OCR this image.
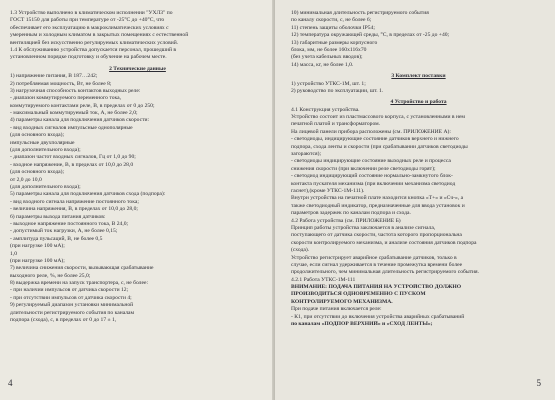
1.3 Устройство выполнено в климатическом исполнении "УХЛ3" по
ГОСТ 15150 для работы при температуре от -25°С до +40°С, что
обеспечивает его эксплуатацию в макроклиматических условиях с
умеренным и холодным климатом в закрытых помещениях с естественной
вентиляцией без искусственно регулируемых климатических условий.
1.4 К обслуживанию устройства допускается персонал, прошедший в
установленном порядке подготовку и обучение на рабочем месте.
2 Технические данные
1) напряжение питания, В 187…242;
2) потребляемая мощность, Вт, не более 8;
3) нагрузочная способность контактов выходных реле:
- диапазон коммутируемого переменного тока,
коммутируемого контактами реле, В, в пределах от 0 до 250;
- максимальный коммутируемый ток, А, не более 2,0;
4) параметры канала для подключения датчиков скорости:
- вид входных сигналов импульсные однополярные
(для основного входа);
импульсные двухполярные
(для дополнительного входа);
- диапазон частот входных сигналов, Гц от 1,0 до 90;
- входное напряжение, В, в пределах от 10,0 до 28,0
(для основного входа);
от 2,0 до 10,0
(для дополнительного входа);
5) параметры канала для подключения датчиков схода (подпора):
- вид входного сигнала напряжение постоянного тока;
- величина напряжения, В, в пределах от 10,0 до 28,0;
6) параметры выхода питания датчиков:
- выходное напряжение постоянного тока, В 24,0;
- допустимый ток нагрузки, А, не более 0,15;
- амплитуда пульсаций, В, не более 0,5
(при нагрузке 100 мА);
1,0
(при нагрузке 100 мА);
7) величина снижения скорости, вызывающая срабатывание
выходного реле, %, не более 25,0;
8) выдержка времени на запуск транспортера, с, не более:
- при наличии импульсов от датчика скорости 12;
- при отсутствии импульсов от датчика скорости 4;
9) регулируемый диапазон установки минимальной
длительности регистрируемого события по каналам
подпора (схода), с, в пределах от 0 до 17 ± 1,
4
10) минимальная длительность регистрируемого события
по каналу скорости, с, не более 6;
11) степень защиты оболочки IP54;
12) температура окружающей среды, °С, в пределах от -25 до +40;
13) габаритные размеры корпусного
блока, мм, не более 160х116х70
(без учета кабельных вводов);
14) масса, кг, не более 1,0.
3 Комплект поставки
1) устройство УТКС-1М, шт. 1;
2) руководство по эксплуатации, шт. 1.
4 Устройство и работа
4.1 Конструкция устройства.
Устройство состоит из пластмассового корпуса, с установленными в нем
печатной платой и трансформатором.
На лицевой панели прибора расположены (см. ПРИЛОЖЕНИЕ А):
- светодиоды, индицирующие состояние датчиков верхнего и нижнего
подпора, схода ленты и скорости (при срабатывании датчиков светодиоды
загораются);
- светодиоды индицирующие состояние выходных реле и процесса
снижения скорости (при включении реле светодиоды горят);
- светодиод индицирующий состояние нормально-замкнутого блок-
контакта пускателя механизма (при включении механизма светодиод
гаснет),(кроме УТКС-1М-111).
Внутри устройства на печатной плате находится кнопка «Т+» и «Сч-», а
также светодиодный индикатор, предназначенные для ввода установок и
параметров задержек по каналам подпора и схода.
4.2 Работа устройства (см. ПРИЛОЖЕНИЕ Б)
Принцип работы устройства заключается в анализе сигнала,
поступающего от датчика скорости, частота которого пропорциональна
скорости контролируемого механизма, и анализе состояния датчиков подпора
(схода).
Устройство регистрирует аварийное срабатывание датчиков, только в
случае, если сигнал удерживается в течение промежутка времени более
продолжительного, чем минимальная длительность регистрируемого события.
4.2.1 Работа УТКС-1М-111
ВНИМАНИЕ: ПОДАЧА ПИТАНИЯ НА УСТРОЙСТВО ДОЛЖНО
ПРОИЗВОДИТЬСЯ ОДНОВРЕМЕННО С ПУСКОМ
КОНТРОЛИРУЕМОГО МЕХАНИЗМА.
При подаче питания включается реле:
- К1, при отсутствии до включения устройства аварийных срабатываний
по каналам «ПОДПОР ВЕРХНИЙ» и «СХОД ЛЕНТЫ»;
5
